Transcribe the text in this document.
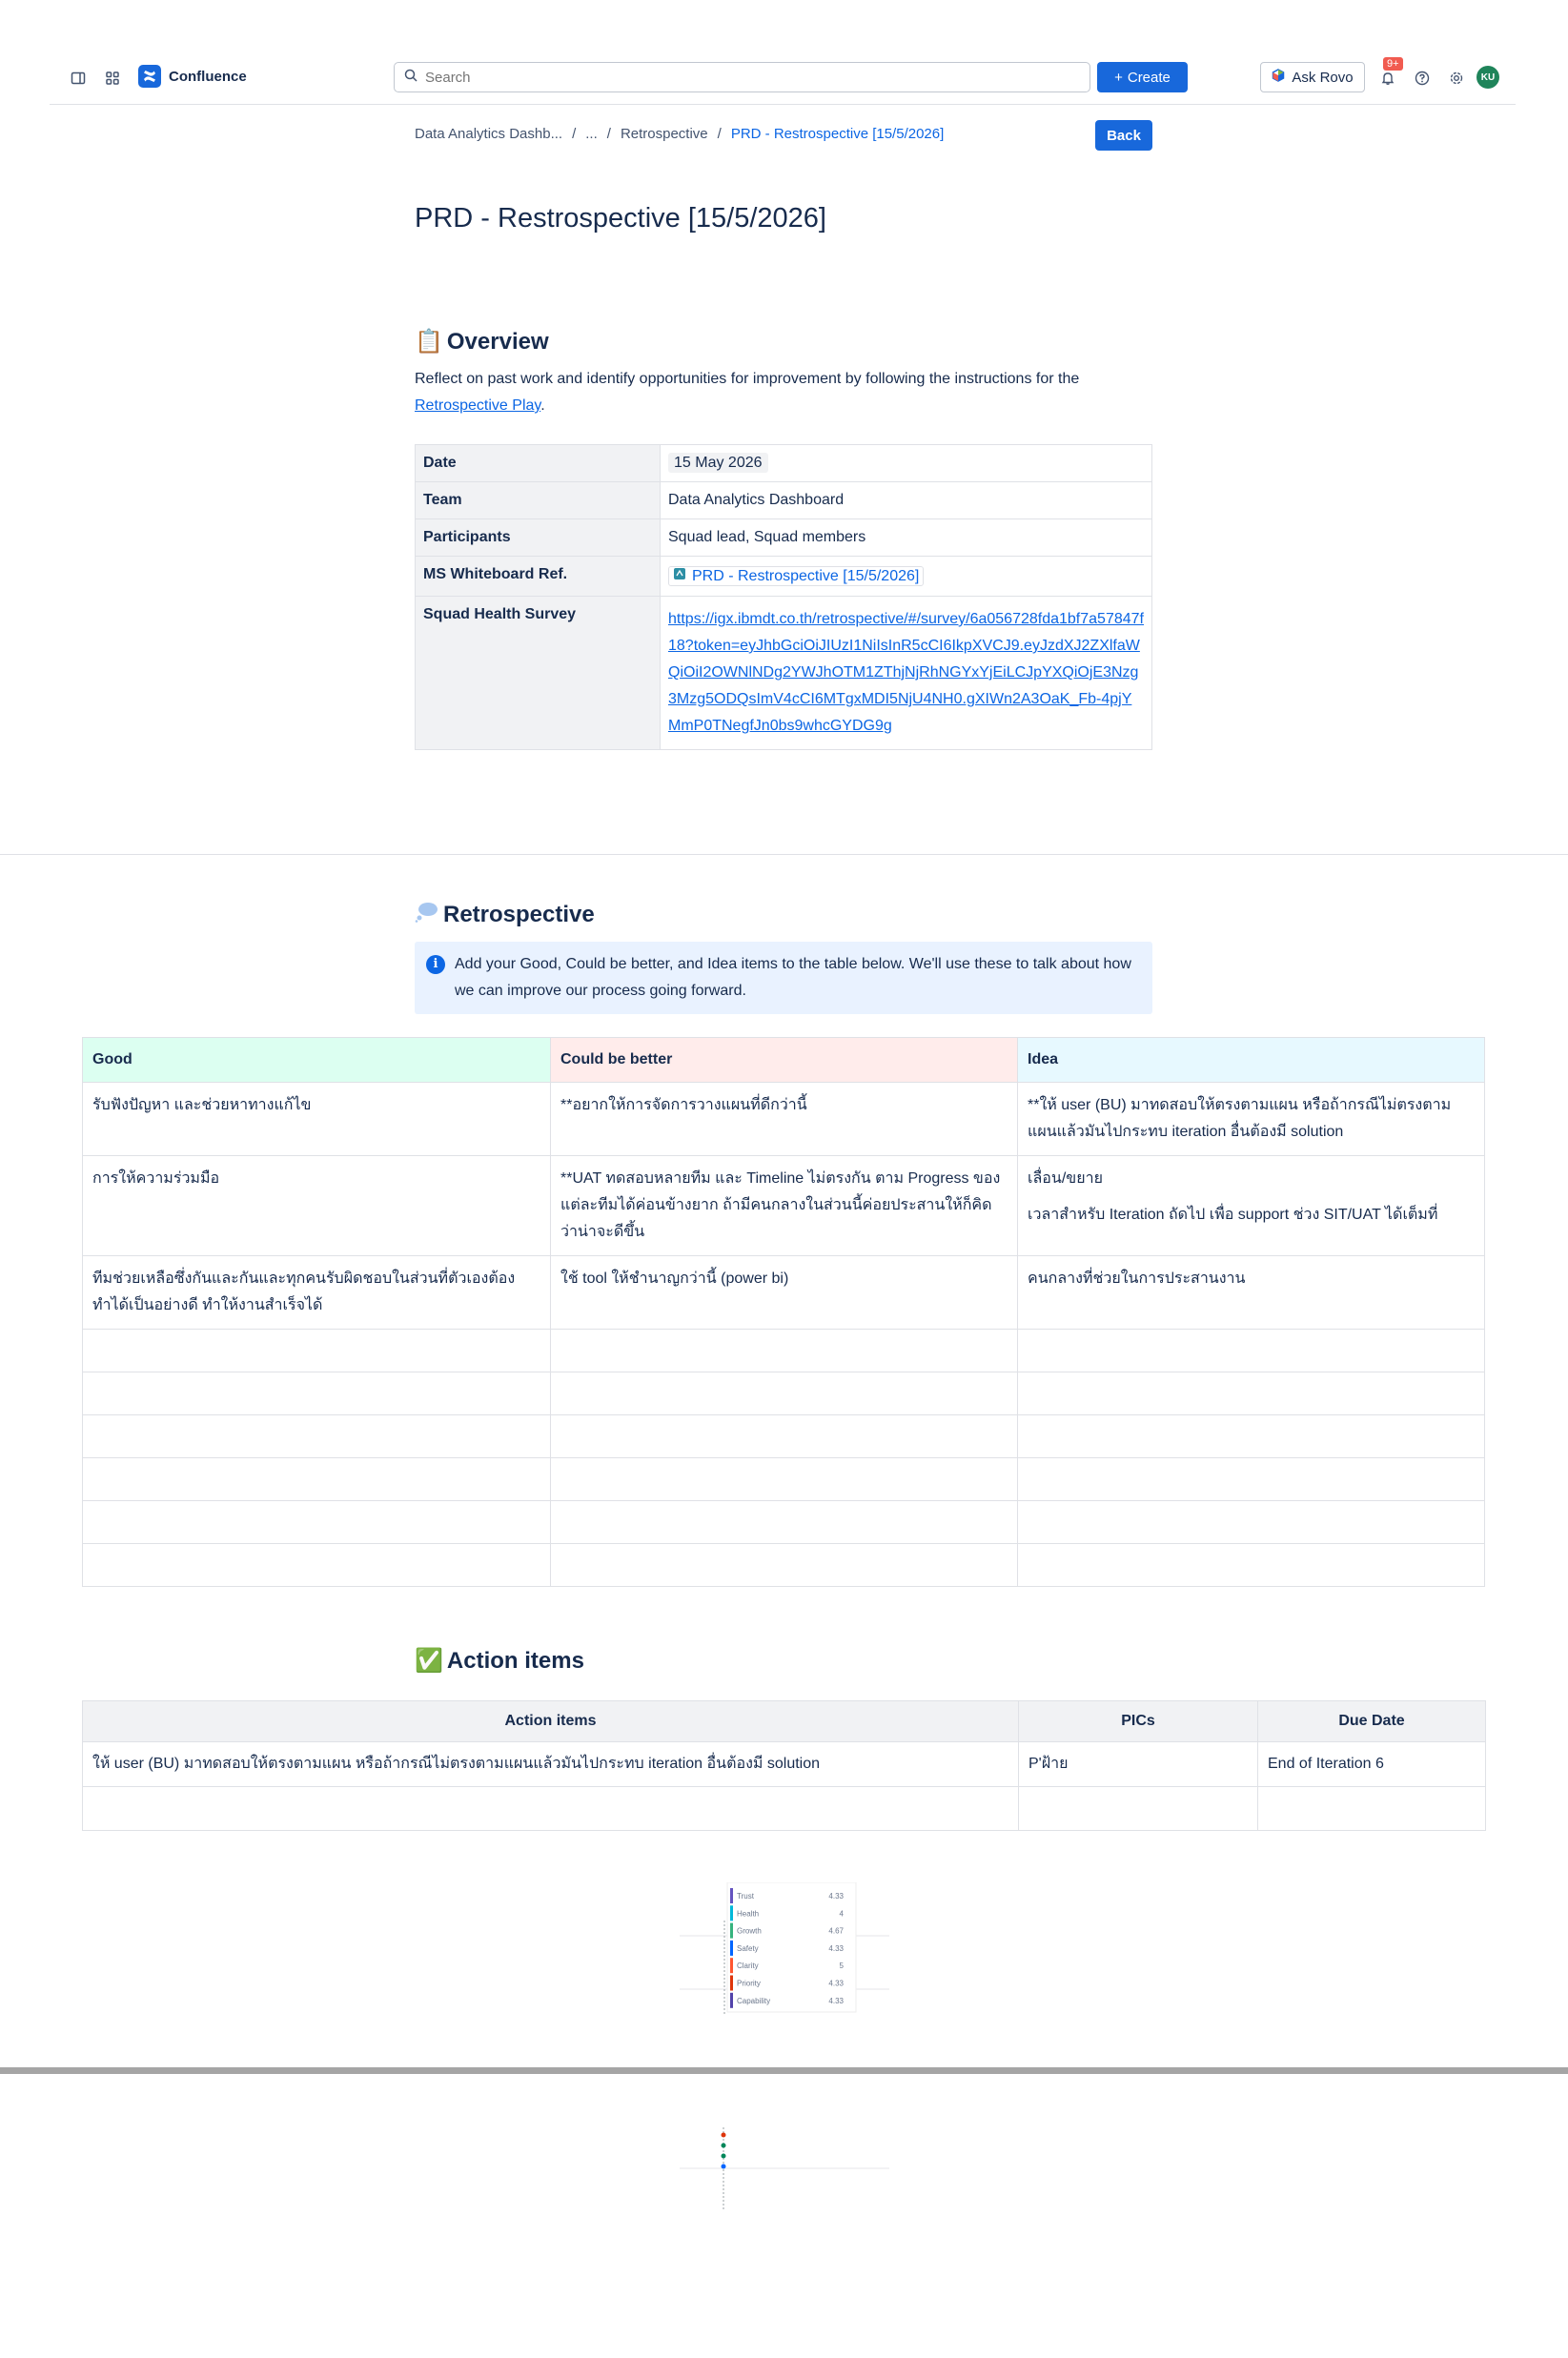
Confluence
Search	+ Create	Ask Rovo
9+
KU
Data Analytics Dashb... / ... / Retrospective / PRD - Restrospective [15/5/2026]	Back
PRD - Restrospective [15/5/2026]
📋 Overview

Reflect on past work and identify opportunities for improvement by following the instructions for the Retrospective Play.

Date	15 May 2026
Team	Data Analytics Dashboard
Participants	Squad lead, Squad members
MS Whiteboard Ref.	PRD - Restrospective [15/5/2026]

Squad Health Survey	https://igx.ibmdt.co.th/retrospective/#/survey/6a056728fda1bf7a57847f18?token=eyJhbGciOiJIUzI1NiIsInR5cCI6IkpXVCJ9.eyJzdXJ2ZXlfaWQiOiI2OWNlNDg2YWJhOTM1ZThjNjRhNGYxYjEiLCJpYXQiOjE3Nzg3Mzg5ODQsImV4cCI6MTgxMDI5NjU4NH0.gXIWn2A3OaK_Fb-4pjYMmP0TNegfJn0bs9whcGYDG9g
Retrospective
i	Add your Good, Could be better, and Idea items to the table below. We'll use these to talk about how we can improve our process going forward.
Good	Could be better	Idea
รับฟังปัญหา และช่วยหาทางแก้ไข	**อยากให้การจัดการวางแผนที่ดีกว่านี้	**ให้ user (BU) มาทดสอบให้ตรงตามแผน หรือถ้ากรณีไม่ตรงตามแผนแล้วมันไปกระทบ iteration อื่นต้องมี solution
การให้ความร่วมมือ	**UAT ทดสอบหลายทีม และ Timeline ไม่ตรงกัน ตาม Progress ของแต่ละทีมได้ค่อนข้างยาก ถ้ามีคนกลางในส่วนนี้ค่อยประสานให้ก็คิดว่าน่าจะดีขึ้น	เลื่อน/ขยาย
เวลาสำหรับ Iteration ถัดไป เพื่อ support ช่วง SIT/UAT ได้เต็มที่

ทีมช่วยเหลือซึ่งกันและกันและทุกคนรับผิดชอบในส่วนที่ตัวเองต้องทำได้เป็นอย่างดี ทำให้งานสำเร็จได้	ใช้ tool ให้ชำนาญกว่านี้ (power bi)	คนกลางที่ช่วยในการประสานงาน

✅ Action items
Action items	PICs	Due Date
ให้ user (BU) มาทดสอบให้ตรงตามแผน หรือถ้ากรณีไม่ตรงตามแผนแล้วมันไปกระทบ iteration อื่นต้องมี solution	P'ฝ้าย	End of Iteration 6

Trust	4.33
Health	4
Growth	4.67
Safety	4.33
Clarity	5
Priority	4.33
Capability	4.33
